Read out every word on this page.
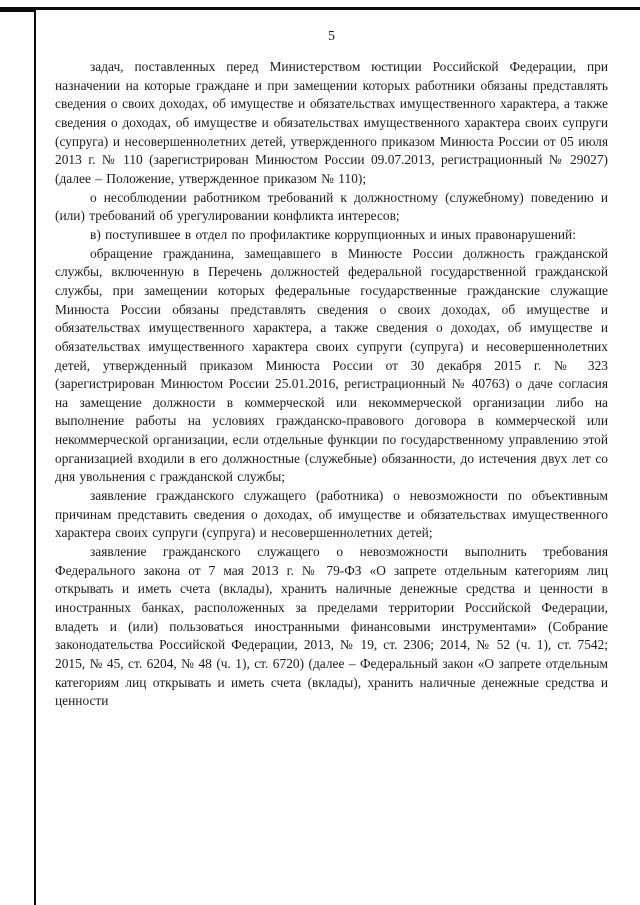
5

задач, поставленных перед Министерством юстиции Российской Федерации, при назначении на которые граждане и при замещении которых работники обязаны представлять сведения о своих доходах, об имуществе и обязательствах имущественного характера, а также сведения о доходах, об имуществе и обязательствах имущественного характера своих супруги (супруга) и несовершеннолетних детей, утвержденного приказом Минюста России от 05 июля 2013 г. № 110 (зарегистрирован Минюстом России 09.07.2013, регистрационный № 29027) (далее – Положение, утвержденное приказом № 110);

о несоблюдении работником требований к должностному (служебному) поведению и (или) требований об урегулировании конфликта интересов;

в) поступившее в отдел по профилактике коррупционных и иных правонарушений:

обращение гражданина, замещавшего в Минюсте России должность гражданской службы, включенную в Перечень должностей федеральной государственной гражданской службы, при замещении которых федеральные государственные гражданские служащие Минюста России обязаны представлять сведения о своих доходах, об имуществе и обязательствах имущественного характера, а также сведения о доходах, об имуществе и обязательствах имущественного характера своих супруги (супруга) и несовершеннолетних детей, утвержденный приказом Минюста России от 30 декабря 2015 г. № 323 (зарегистрирован Минюстом России 25.01.2016, регистрационный № 40763) о даче согласия на замещение должности в коммерческой или некоммерческой организации либо на выполнение работы на условиях гражданско-правового договора в коммерческой или некоммерческой организации, если отдельные функции по государственному управлению этой организацией входили в его должностные (служебные) обязанности, до истечения двух лет со дня увольнения с гражданской службы;

заявление гражданского служащего (работника) о невозможности по объективным причинам представить сведения о доходах, об имуществе и обязательствах имущественного характера своих супруги (супруга) и несовершеннолетних детей;

заявление гражданского служащего о невозможности выполнить требования Федерального закона от 7 мая 2013 г. № 79-ФЗ «О запрете отдельным категориям лиц открывать и иметь счета (вклады), хранить наличные денежные средства и ценности в иностранных банках, расположенных за пределами территории Российской Федерации, владеть и (или) пользоваться иностранными финансовыми инструментами» (Собрание законодательства Российской Федерации, 2013, № 19, ст. 2306; 2014, № 52 (ч. 1), ст. 7542; 2015, № 45, ст. 6204, № 48 (ч. 1), ст. 6720) (далее – Федеральный закон «О запрете отдельным категориям лиц открывать и иметь счета (вклады), хранить наличные денежные средства и ценности
